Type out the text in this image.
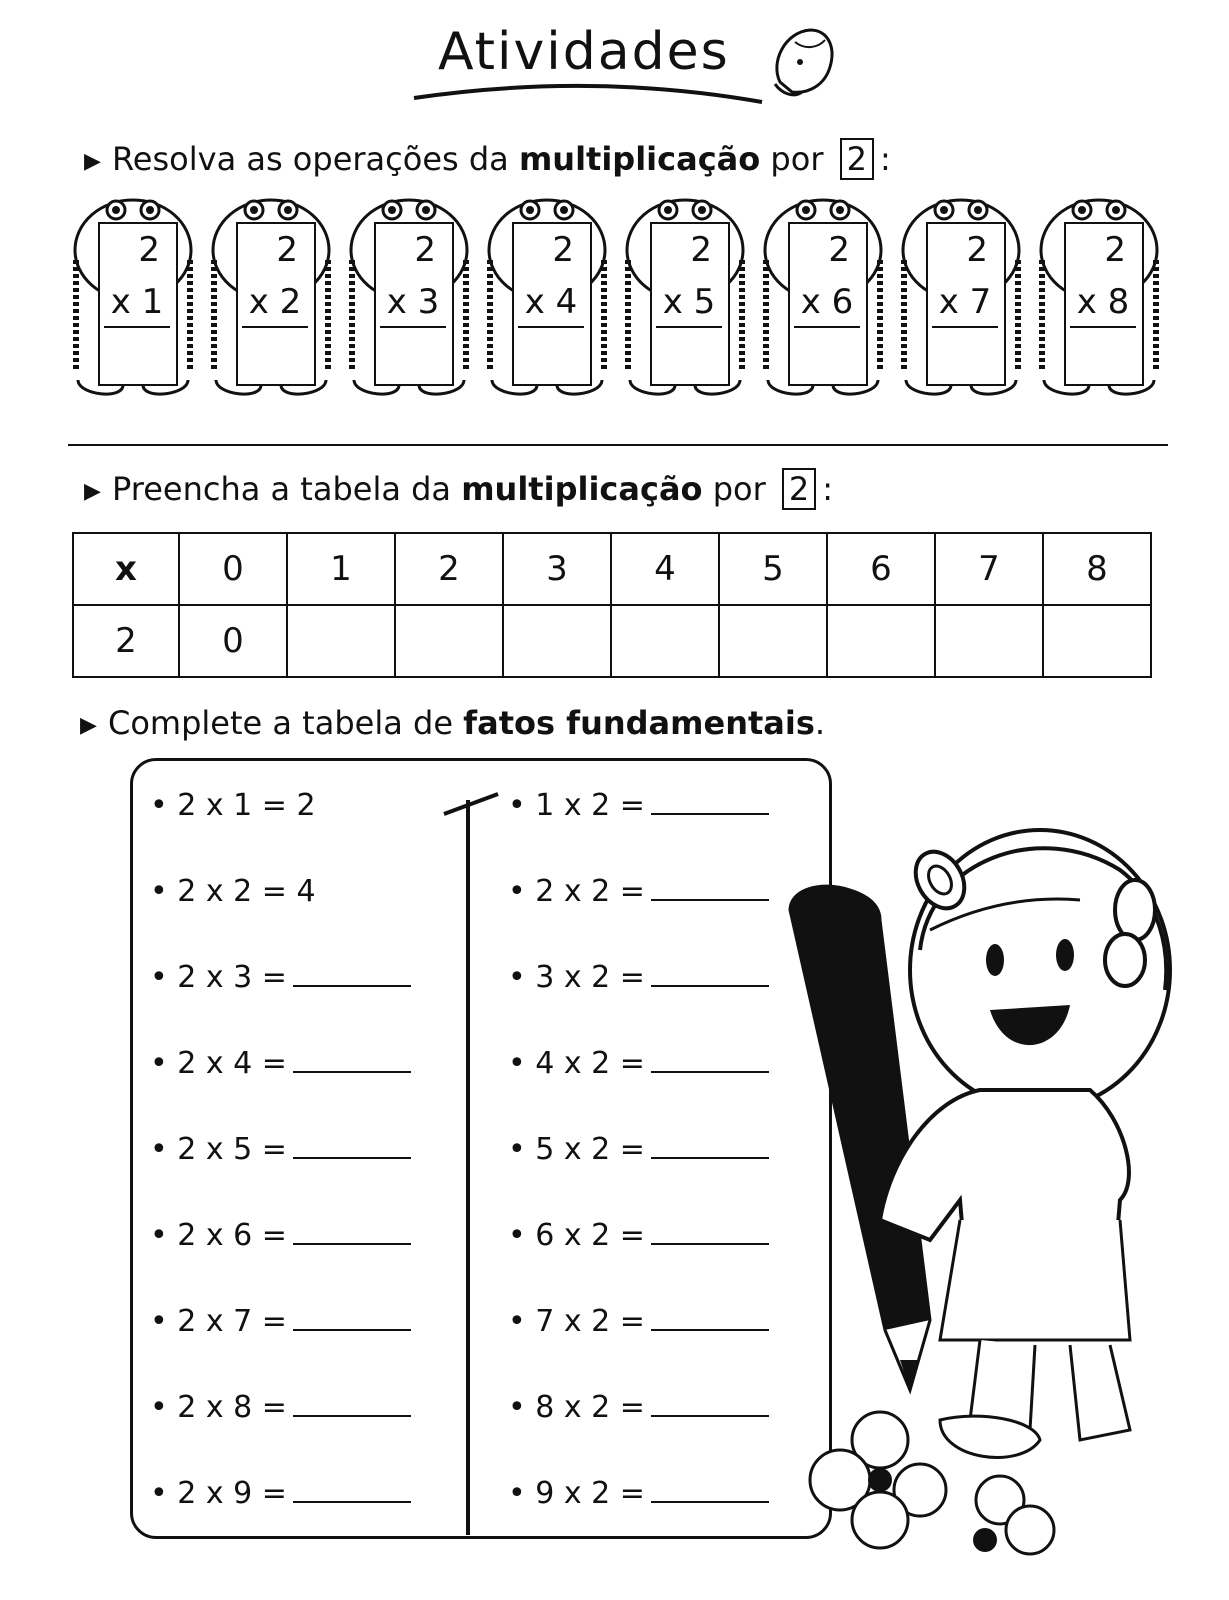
Atividades
▶ Resolva as operações da multiplicação por 2 :
2
x 1
2
x 2
2
x 3
2
x 4
2
x 5
2
x 6
2
x 7
2
x 8
▶ Preencha a tabela da multiplicação por 2 :
x	0	1	2	3	4	5	6	7	8
2	0								
▶ Complete a tabela de fatos fundamentais.
• 2 x 1 = 2
• 2 x 2 = 4
• 2 x 3 =
• 2 x 4 =
• 2 x 5 =
• 2 x 6 =
• 2 x 7 =
• 2 x 8 =
• 2 x 9 =
• 1 x 2 =
• 2 x 2 =
• 3 x 2 =
• 4 x 2 =
• 5 x 2 =
• 6 x 2 =
• 7 x 2 =
• 8 x 2 =
• 9 x 2 =
